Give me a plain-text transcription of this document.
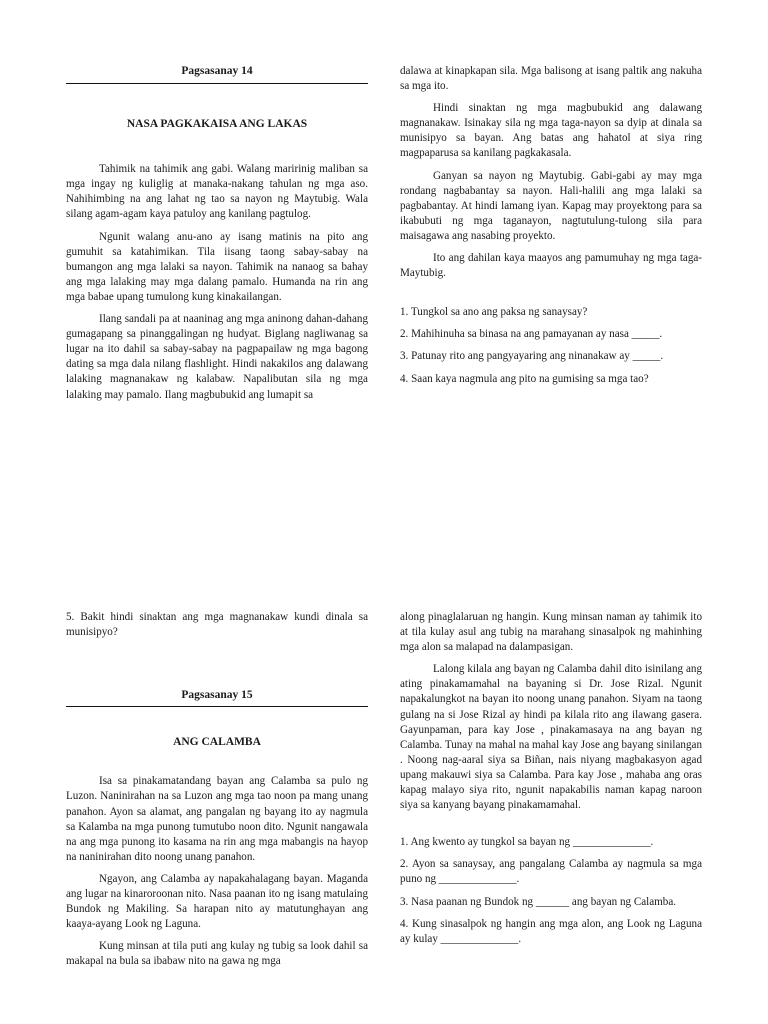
Pagsasanay 14
NASA PAGKAKAISA ANG LAKAS

Tahimik na tahimik ang gabi. Walang maririnig maliban sa mga ingay ng kuliglig at manaka-nakang tahulan ng mga aso. Nahihimbing na ang lahat ng tao sa nayon ng Maytubig. Wala silang agam-agam kaya patuloy ang kanilang pagtulog.

Ngunit walang anu-ano ay isang matinis na pito ang gumuhit sa katahimikan. Tila iisang taong sabay-sabay na bumangon ang mga lalaki sa nayon. Tahimik na nanaog sa bahay ang mga lalaking may mga dalang pamalo. Humanda na rin ang mga babae upang tumulong kung kinakailangan.

Ilang sandali pa at naaninag ang mga aninong dahan-dahang gumagapang sa pinanggalingan ng hudyat. Biglang nagliwanag sa lugar na ito dahil sa sabay-sabay na pagpapailaw ng mga bagong dating sa mga dala nilang flashlight. Hindi nakakilos ang dalawang lalaking magnanakaw ng kalabaw. Napalibutan sila ng mga lalaking may pamalo. Ilang magbubukid ang lumapit sa

dalawa at kinapkapan sila. Mga balisong at isang paltik ang nakuha sa mga ito.

Hindi sinaktan ng mga magbubukid ang dalawang magnanakaw. Isinakay sila ng mga taga-nayon sa dyip at dinala sa munisipyo sa bayan. Ang batas ang hahatol at siya ring magpaparusa sa kanilang pagkakasala.

Ganyan sa nayon ng Maytubig. Gabi-gabi ay may mga rondang nagbabantay sa nayon. Hali-halili ang mga lalaki sa pagbabantay. At hindi lamang iyan. Kapag may proyektong para sa ikabubuti ng mga taganayon, nagtutulung-tulong sila para maisagawa ang nasabing proyekto.

Ito ang dahilan kaya maayos ang pamumuhay ng mga taga-Maytubig.

1. Tungkol sa ano ang paksa ng sanaysay?
2. Mahihinuha sa binasa na ang pamayanan ay nasa _____.
3. Patunay rito ang pangyayaring ang ninanakaw ay _____.
4. Saan kaya nagmula ang pito na gumising sa mga tao?
5. Bakit hindi sinaktan ang mga magnanakaw kundi dinala sa munisipyo?
Pagsasanay 15
ANG CALAMBA

Isa sa pinakamatandang bayan ang Calamba sa pulo ng Luzon. Naninirahan na sa Luzon ang mga tao noon pa mang unang panahon. Ayon sa alamat, ang pangalan ng bayang ito ay nagmula sa Kalamba na mga punong tumutubo noon dito. Ngunit nangawala na ang mga punong ito kasama na rin ang mga mabangis na hayop na naninirahan dito noong unang panahon.

Ngayon, ang Calamba ay napakahalagang bayan. Maganda ang lugar na kinaroroonan nito. Nasa paanan ito ng isang matulaing Bundok ng Makiling. Sa harapan nito ay matutunghayan ang kaaya-ayang Look ng Laguna.

Kung minsan at tila puti ang kulay ng tubig sa look dahil sa makapal na bula sa ibabaw nito na gawa ng mga

along pinaglalaruan ng hangin. Kung minsan naman ay tahimik ito at tila kulay asul ang tubig na marahang sinasalpok ng mahinhing mga alon sa malapad na dalampasigan.

Lalong kilala ang bayan ng Calamba dahil dito isinilang ang ating pinakamamahal na bayaning si Dr. Jose Rizal. Ngunit napakalungkot na bayan ito noong unang panahon. Siyam na taong gulang na si Jose Rizal ay hindi pa kilala rito ang ilawang gasera. Gayunpaman, para kay Jose , pinakamasaya na ang bayan ng Calamba. Tunay na mahal na mahal kay Jose ang bayang sinilangan . Noong nag-aaral siya sa Biñan, nais niyang magbakasyon agad upang makauwi siya sa Calamba. Para kay Jose , mahaba ang oras kapag malayo siya rito, ngunit napakabilis naman kapag naroon siya sa kanyang bayang pinakamamahal.

1. Ang kwento ay tungkol sa bayan ng ______________.
2. Ayon sa sanaysay, ang pangalang Calamba ay nagmula sa mga puno ng ______________.
3. Nasa paanan ng Bundok ng ______ ang bayan ng Calamba.
4. Kung sinasalpok ng hangin ang mga alon, ang Look ng Laguna ay kulay ______________.
